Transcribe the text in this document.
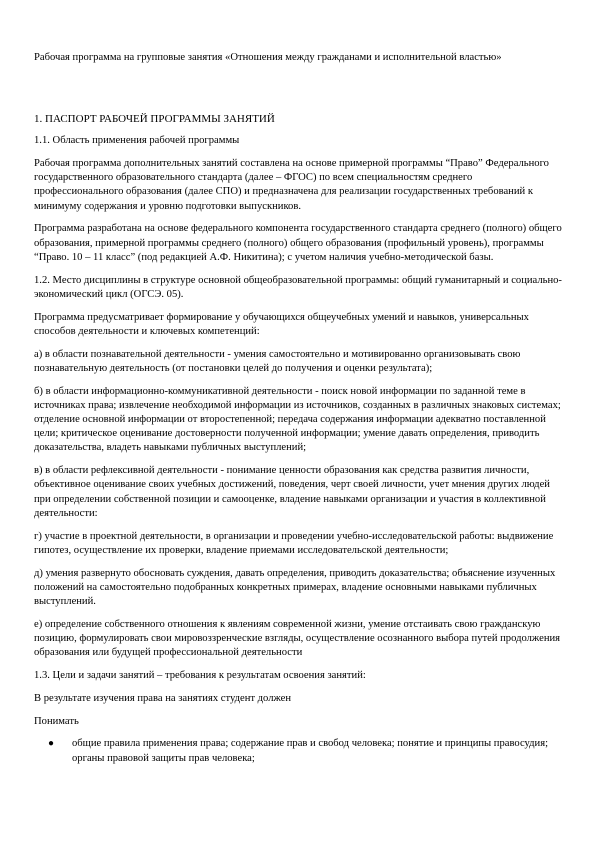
Рабочая программа на групповые занятия «Отношения между гражданами и исполнительной властью»

1. ПАСПОРТ РАБОЧЕЙ ПРОГРАММЫ ЗАНЯТИЙ

1.1. Область применения рабочей программы

Рабочая программа дополнительных занятий составлена на основе примерной программы “Право” Федерального государственного образовательного стандарта (далее – ФГОС) по всем специальностям среднего профессионального образования (далее СПО) и предназначена для реализации государственных требований к минимуму содержания и уровню подготовки выпускников.

Программа разработана на основе федерального компонента государственного стандарта среднего (полного) общего образования, примерной программы среднего (полного) общего образования (профильный уровень), программы “Право. 10 – 11 класс” (под редакцией А.Ф. Никитина); с учетом наличия учебно-методической базы.

1.2. Место дисциплины в структуре основной общеобразовательной программы: общий гуманитарный и социально-экономический цикл (ОГСЭ. 05).

Программа предусматривает формирование у обучающихся общеучебных умений и навыков, универсальных способов деятельности и ключевых компетенций:

а) в области познавательной деятельности - умения самостоятельно и мотивированно организовывать свою познавательную деятельность (от постановки целей до получения и оценки результата);

б) в области информационно-коммуникативной деятельности - поиск новой информации по заданной теме в источниках права; извлечение необходимой информации из источников, созданных в различных знаковых системах; отделение основной информации от второстепенной; передача содержания информации адекватно поставленной цели; критическое оценивание достоверности полученной информации; умение давать определения, приводить доказательства, владеть навыками публичных выступлений;

в) в области рефлексивной деятельности - понимание ценности образования как средства развития личности, объективное оценивание своих учебных достижений, поведения, черт своей личности, учет мнения других людей при определении собственной позиции и самооценке, владение навыками организации и участия в коллективной деятельности:

г) участие в проектной деятельности, в организации и проведении учебно-исследовательской работы: выдвижение гипотез, осуществление их проверки, владение приемами исследовательской деятельности;

д) умения развернуто обосновать суждения, давать определения, приводить доказательства; объяснение изученных положений на самостоятельно подобранных конкретных примерах, владение основными навыками публичных выступлений.

е) определение собственного отношения к явлениям современной жизни, умение отстаивать свою гражданскую позицию, формулировать свои мировоззренческие взгляды, осуществление осознанного выбора путей продолжения образования или будущей профессиональной деятельности

1.3. Цели и задачи занятий – требования к результатам освоения занятий:

В результате изучения права на занятиях студент должен

Понимать

● общие правила применения права; содержание прав и свобод человека; понятие и принципы правосудия; органы правовой защиты прав человека;
